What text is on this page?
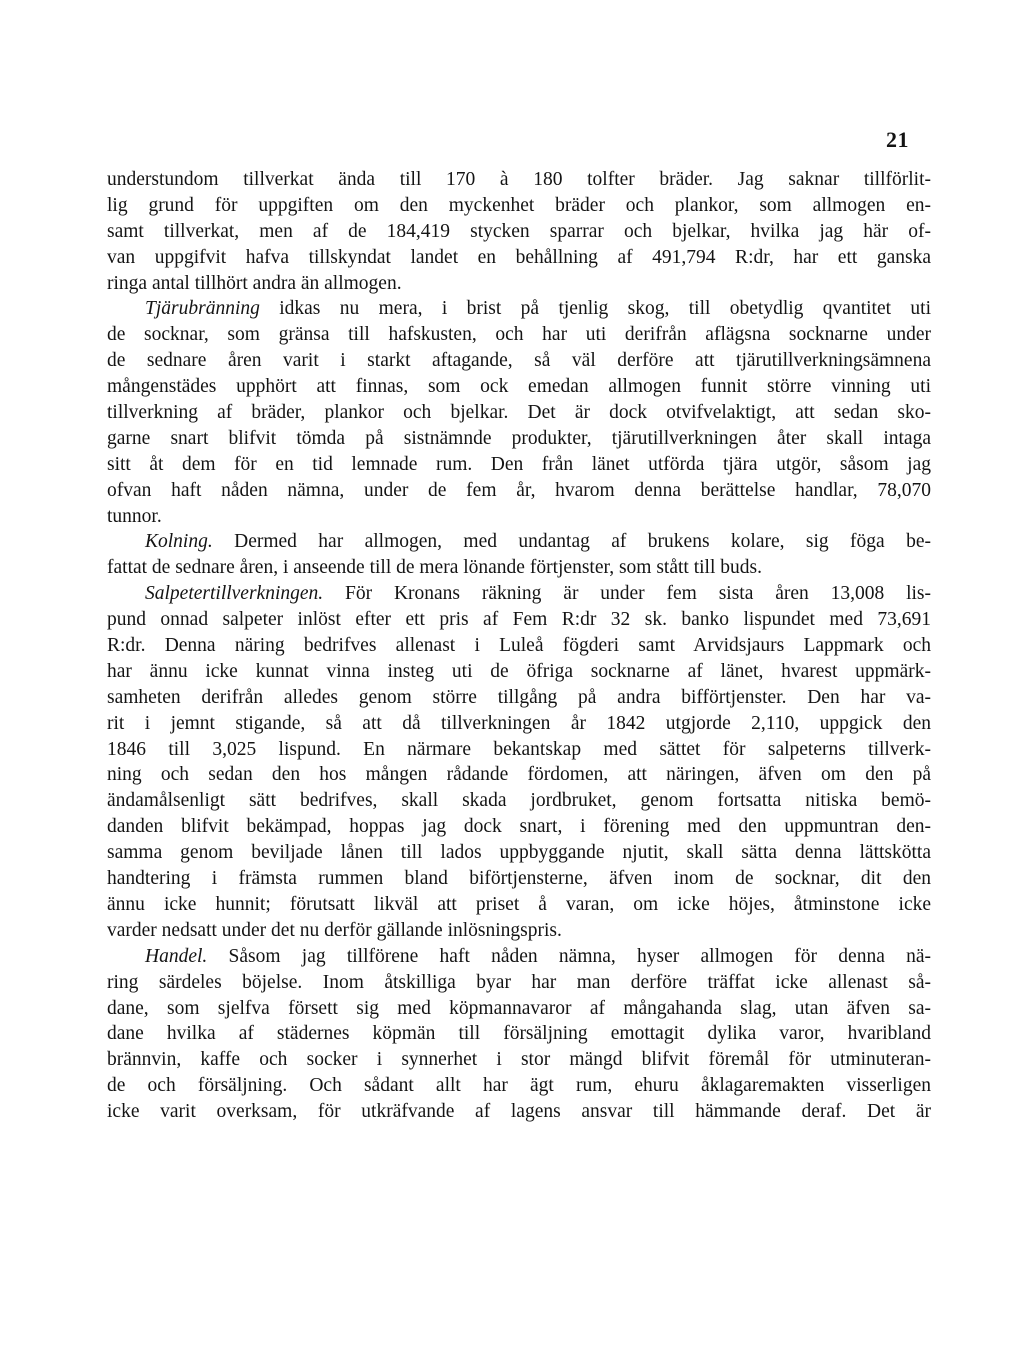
21
understundom tillverkat ända till 170 à 180 tolfter bräder. Jag saknar tillförlit-
lig grund för uppgiften om den myckenhet bräder och plankor, som allmogen en-
samt tillverkat, men af de 184,419 stycken sparrar och bjelkar, hvilka jag här of-
van uppgifvit hafva tillskyndat landet en behållning af 491,794 R:dr, har ett ganska
ringa antal tillhört andra än allmogen.
Tjärubränning idkas nu mera, i brist på tjenlig skog, till obetydlig qvantitet uti
de socknar, som gränsa till hafskusten, och har uti derifrån aflägsna socknarne under
de sednare åren varit i starkt aftagande, så väl derföre att tjärutillverkningsämnena
mångenstädes upphört att finnas, som ock emedan allmogen funnit större vinning uti
tillverkning af bräder, plankor och bjelkar. Det är dock otvifvelaktigt, att sedan sko-
garne snart blifvit tömda på sistnämnde produkter, tjärutillverkningen åter skall intaga
sitt åt dem för en tid lemnade rum. Den från länet utförda tjära utgör, såsom jag
ofvan haft nåden nämna, under de fem år, hvarom denna berättelse handlar, 78,070
tunnor.
Kolning. Dermed har allmogen, med undantag af brukens kolare, sig föga be-
fattat de sednare åren, i anseende till de mera lönande förtjenster, som stått till buds.
Salpetertillverkningen. För Kronans räkning är under fem sista åren 13,008 lis-
pund onnad salpeter inlöst efter ett pris af Fem R:dr 32 sk. banko lispundet med 73,691
R:dr. Denna näring bedrifves allenast i Luleå fögderi samt Arvidsjaurs Lappmark och
har ännu icke kunnat vinna insteg uti de öfriga socknarne af länet, hvarest uppmärk-
samheten derifrån alledes genom större tillgång på andra bifförtjenster. Den har va-
rit i jemnt stigande, så att då tillverkningen år 1842 utgjorde 2,110, uppgick den
1846 till 3,025 lispund. En närmare bekantskap med sättet för salpeterns tillverk-
ning och sedan den hos mången rådande fördomen, att näringen, äfven om den på
ändamålsenligt sätt bedrifves, skall skada jordbruket, genom fortsatta nitiska bemö-
danden blifvit bekämpad, hoppas jag dock snart, i förening med den uppmuntran den-
samma genom beviljade lånen till lados uppbyggande njutit, skall sätta denna lättskötta
handtering i främsta rummen bland biförtjensterne, äfven inom de socknar, dit den
ännu icke hunnit; förutsatt likväl att priset å varan, om icke höjes, åtminstone icke
varder nedsatt under det nu derför gällande inlösningspris.
Handel. Såsom jag tillförene haft nåden nämna, hyser allmogen för denna nä-
ring särdeles böjelse. Inom åtskilliga byar har man derföre träffat icke allenast så-
dane, som sjelfva försett sig med köpmannavaror af mångahanda slag, utan äfven sa-
dane hvilka af städernes köpmän till försäljning emottagit dylika varor, hvaribland
brännvin, kaffe och socker i synnerhet i stor mängd blifvit föremål för utminuteran-
de och försäljning. Och sådant allt har ägt rum, ehuru åklagaremakten visserligen
icke varit overksam, för utkräfvande af lagens ansvar till hämmande deraf. Det är
